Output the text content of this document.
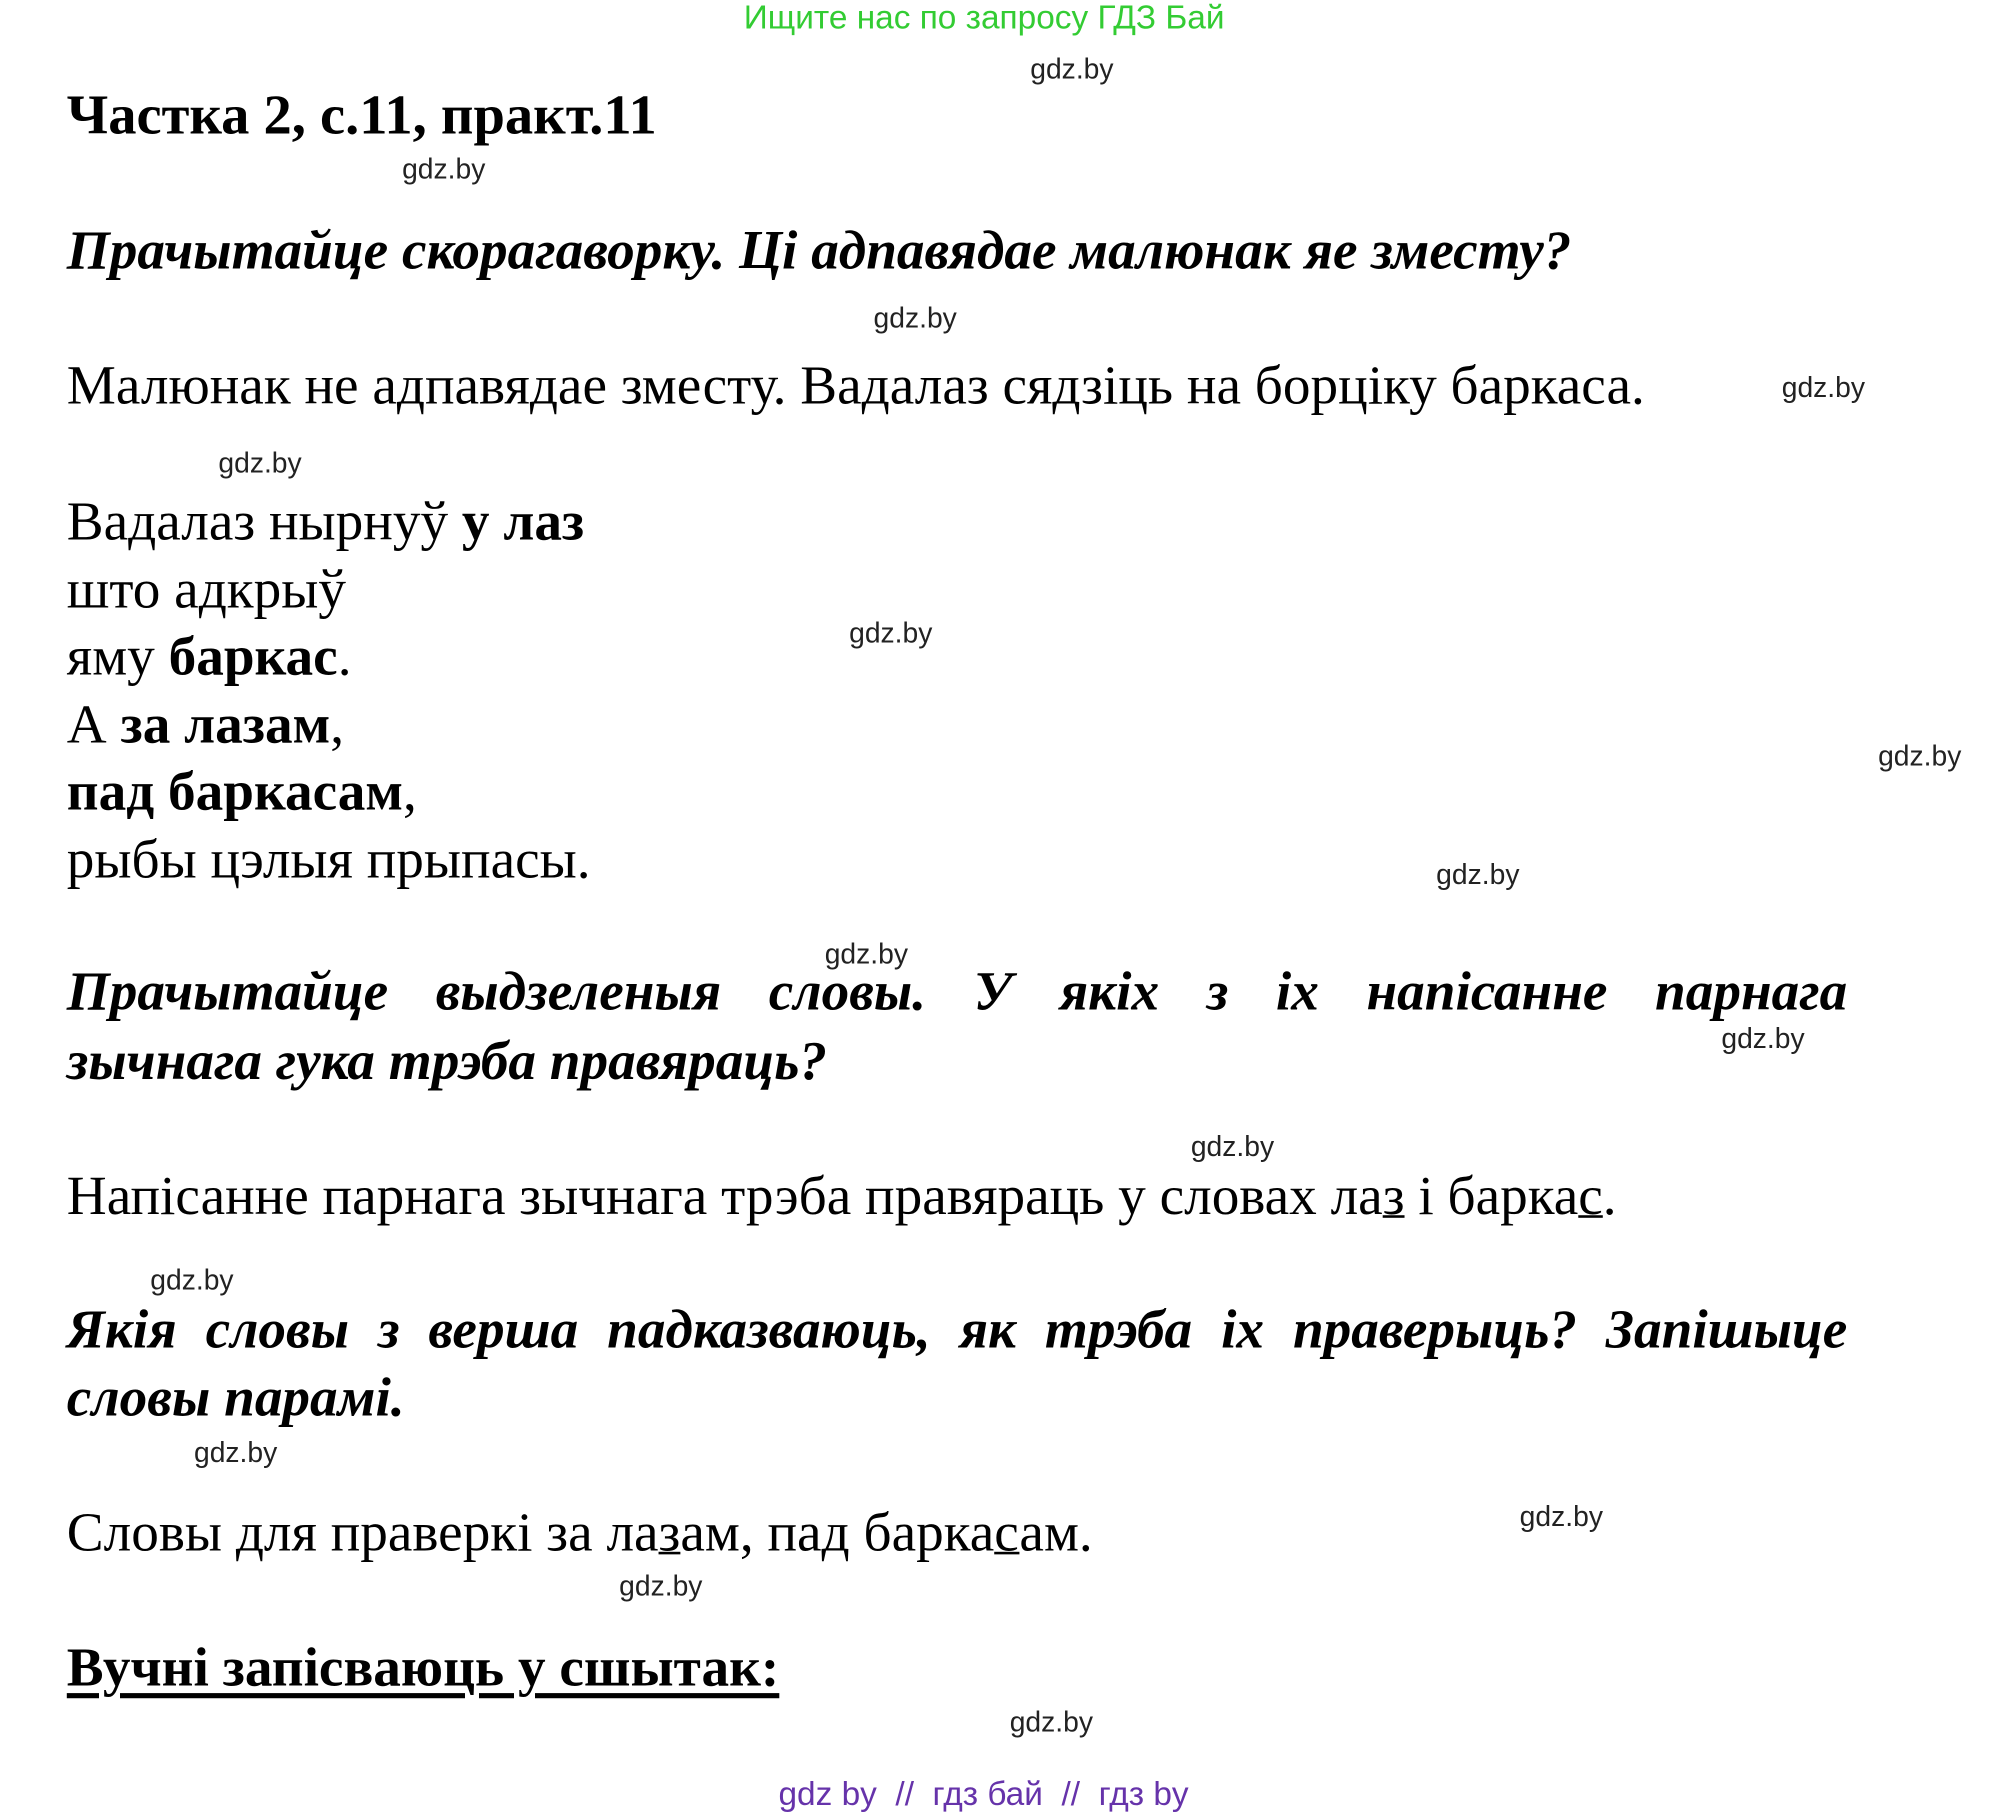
Ищите нас по запросу ГДЗ Бай
Частка 2, с.11, практ.11
Прачытайце скорагаворку. Ці адпавядае малюнак яе зместу?
Малюнак не адпавядае зместу. Вадалаз сядзіць на борціку баркаса.
Вадалаз нырнуў у лаз
што адкрыў
яму баркас.
А за лазам,
пад баркасам,
рыбы цэлыя прыпасы.
Прачытайце выдзеленыя словы. У якіх з іх напісанне парнага
зычнага гука трэба правяраць?
Напісанне парнага зычнага трэба правяраць у словах лаз і баркас.
Якія словы з верша падказваюць, як трэба іх праверыць? Запішыце
словы парамі.
Словы для праверкі за лазам, пад баркасам.
Вучні запісваюць у сшытак:
gdz.by
gdz.by
gdz.by
gdz.by
gdz.by
gdz.by
gdz.by
gdz.by
gdz.by
gdz.by
gdz.by
gdz.by
gdz.by
gdz.by
gdz.by
gdz.by
gdz by  //  гдз бай  //  гдз by
